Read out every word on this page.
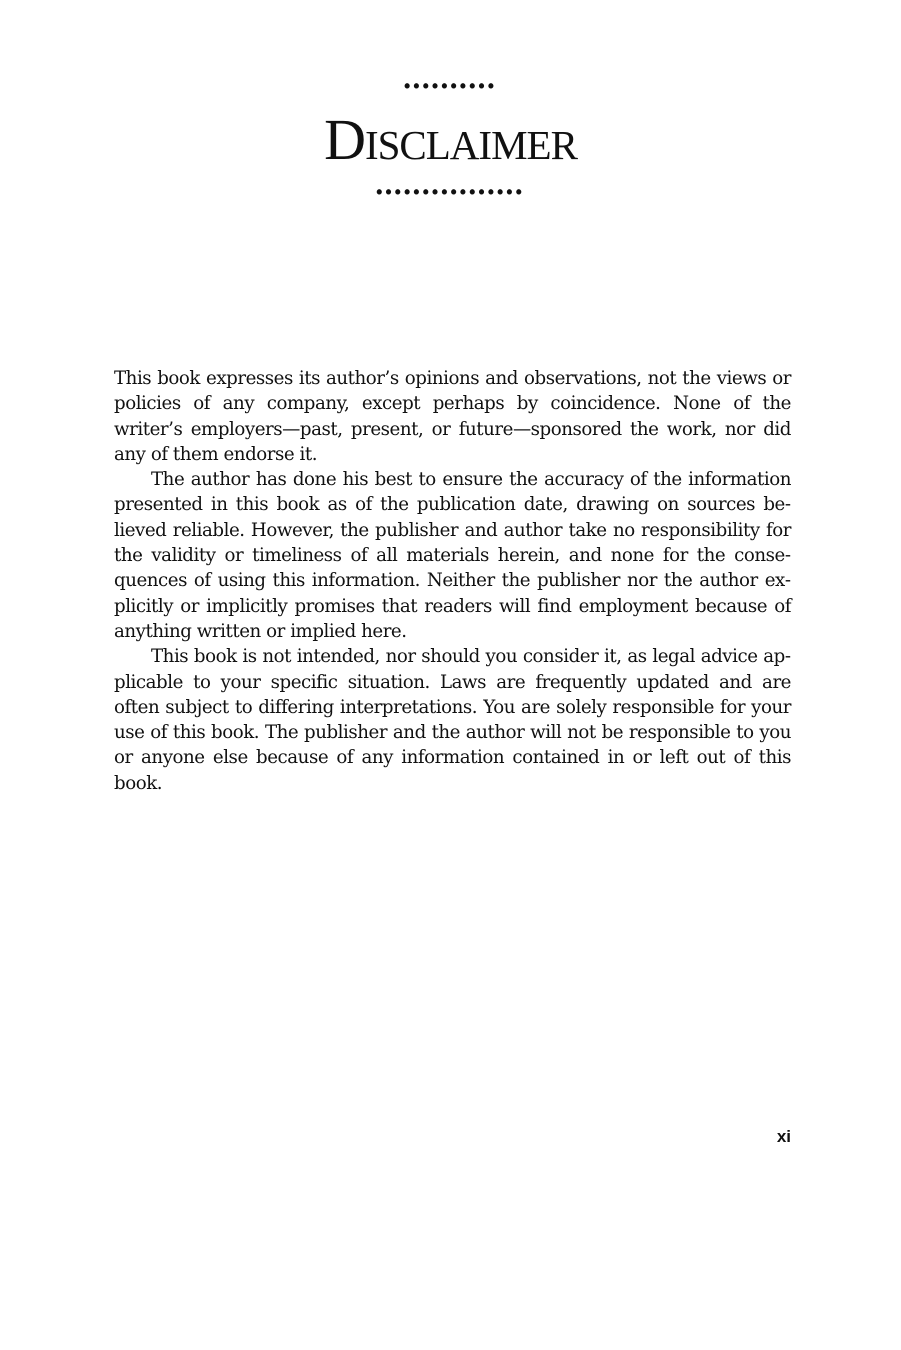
••••••••••
Disclaimer
••••••••••••••••

This book expresses its author’s opinions and observations, not the views or policies of any company, except perhaps by coincidence. None of the writer’s employers—past, present, or future—sponsored the work, nor did any of them endorse it.

The author has done his best to ensure the accuracy of the information presented in this book as of the publication date, drawing on sources believed reliable. However, the publisher and author take no responsibility for the validity or timeliness of all materials herein, and none for the consequences of using this information. Neither the publisher nor the author explicitly or implicitly promises that readers will find employment because of anything written or implied here.

This book is not intended, nor should you consider it, as legal advice applicable to your specific situation. Laws are frequently updated and are often subject to differing interpretations. You are solely responsible for your use of this book. The publisher and the author will not be responsible to you or anyone else because of any information contained in or left out of this book.

xi
